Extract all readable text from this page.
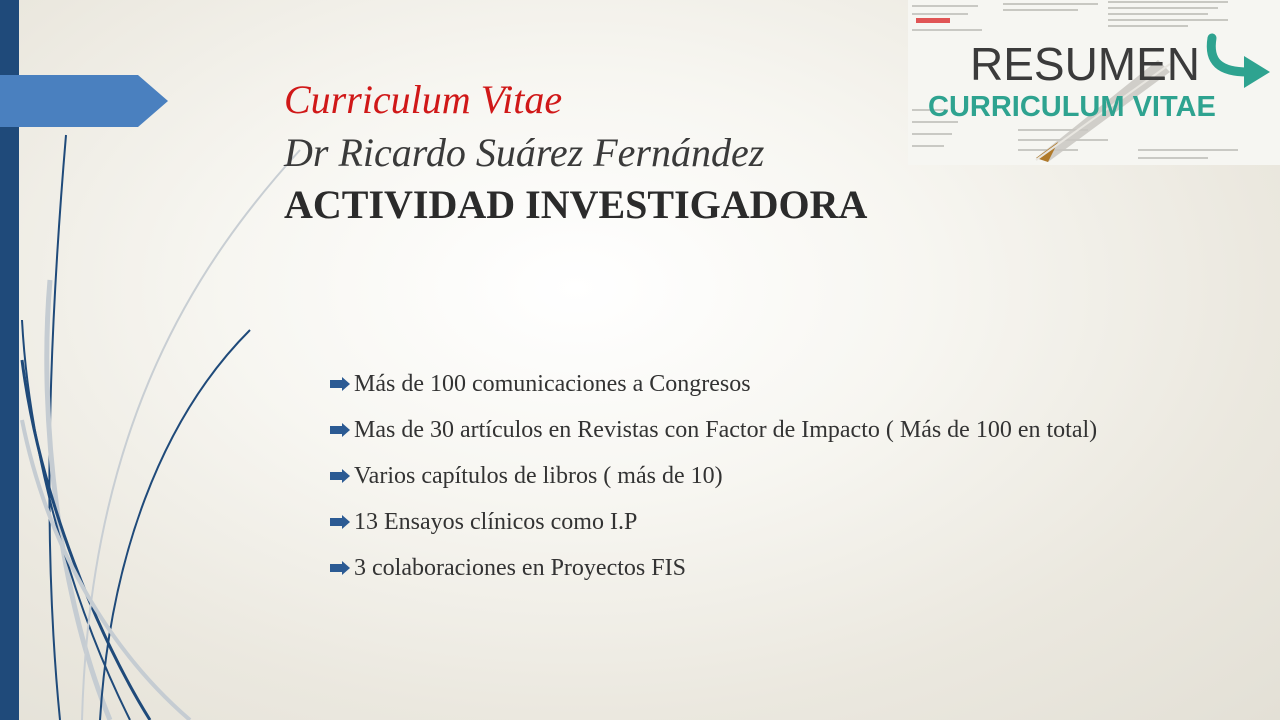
Curriculum Vitae
Dr Ricardo Suárez Fernández
ACTIVIDAD INVESTIGADORA
RESUMEN
CURRICULUM VITAE
Más de 100 comunicaciones a Congresos
Mas de 30 artículos en Revistas con Factor de Impacto ( Más de 100 en total)
Varios capítulos de libros ( más de 10)
13 Ensayos clínicos como I.P
3 colaboraciones en Proyectos FIS
